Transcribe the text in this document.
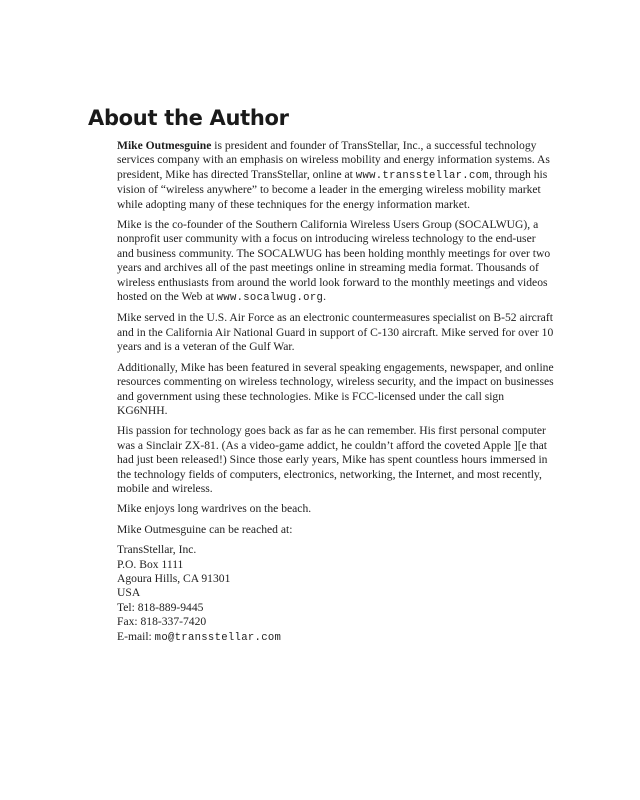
About the Author

Mike Outmesguine is president and founder of TransStellar, Inc., a successful technology services company with an emphasis on wireless mobility and energy information systems. As president, Mike has directed TransStellar, online at www.transstellar.com, through his vision of “wireless anywhere” to become a leader in the emerging wireless mobility market while adopting many of these techniques for the energy information market.

Mike is the co-founder of the Southern California Wireless Users Group (SOCALWUG), a nonprofit user community with a focus on introducing wireless technology to the end-user and business community. The SOCALWUG has been holding monthly meetings for over two years and archives all of the past meetings online in streaming media format. Thousands of wireless enthusiasts from around the world look forward to the monthly meetings and videos hosted on the Web at www.socalwug.org.

Mike served in the U.S. Air Force as an electronic countermeasures specialist on B-52 aircraft and in the California Air National Guard in support of C-130 aircraft. Mike served for over 10 years and is a veteran of the Gulf War.

Additionally, Mike has been featured in several speaking engagements, newspaper, and online resources commenting on wireless technology, wireless security, and the impact on businesses and government using these technologies. Mike is FCC-licensed under the call sign KG6NHH.

His passion for technology goes back as far as he can remember. His first personal computer was a Sinclair ZX-81. (As a video-game addict, he couldn’t afford the coveted Apple ][e that had just been released!) Since those early years, Mike has spent countless hours immersed in the technology fields of computers, electronics, networking, the Internet, and most recently, mobile and wireless.

Mike enjoys long wardrives on the beach.

Mike Outmesguine can be reached at:

TransStellar, Inc.
P.O. Box 1111
Agoura Hills, CA 91301
USA
Tel: 818-889-9445
Fax: 818-337-7420
E-mail: mo@transstellar.com
